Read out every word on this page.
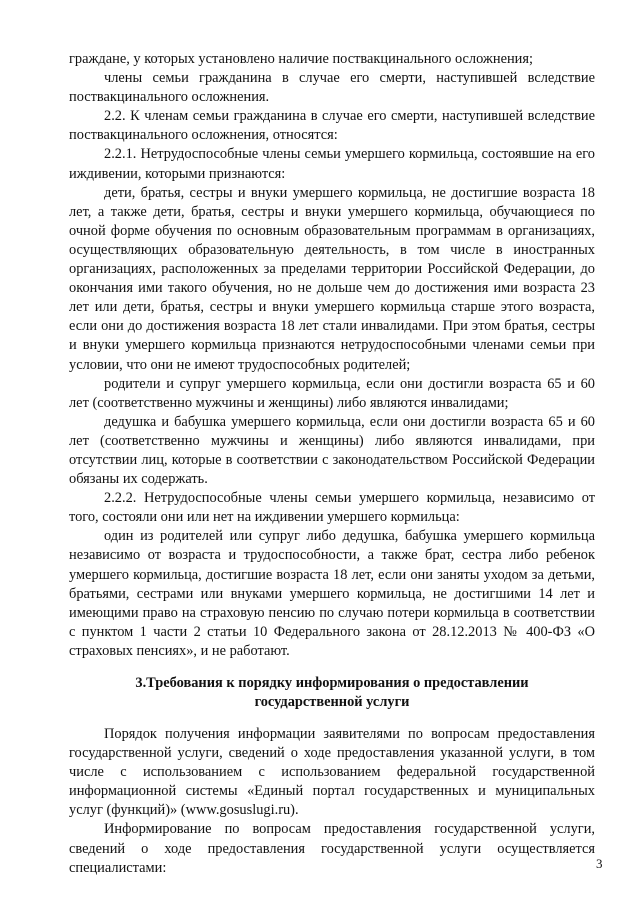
граждане, у которых установлено наличие поствакцинального осложнения;

члены семьи гражданина в случае его смерти, наступившей вследствие поствакцинального осложнения.

2.2. К членам семьи гражданина в случае его смерти, наступившей вследствие поствакцинального осложнения, относятся:

2.2.1. Нетрудоспособные члены семьи умершего кормильца, состоявшие на его иждивении, которыми признаются:

дети, братья, сестры и внуки умершего кормильца, не достигшие возраста 18 лет, а также дети, братья, сестры и внуки умершего кормильца, обучающиеся по очной форме обучения по основным образовательным программам в организациях, осуществляющих образовательную деятельность, в том числе в иностранных организациях, расположенных за пределами территории Российской Федерации, до окончания ими такого обучения, но не дольше чем до достижения ими возраста 23 лет или дети, братья, сестры и внуки умершего кормильца старше этого возраста, если они до достижения возраста 18 лет стали инвалидами. При этом братья, сестры и внуки умершего кормильца признаются нетрудоспособными членами семьи при условии, что они не имеют трудоспособных родителей;

родители и супруг умершего кормильца, если они достигли возраста 65 и 60 лет (соответственно мужчины и женщины) либо являются инвалидами;

дедушка и бабушка умершего кормильца, если они достигли возраста 65 и 60 лет (соответственно мужчины и женщины) либо являются инвалидами, при отсутствии лиц, которые в соответствии с законодательством Российской Федерации обязаны их содержать.

2.2.2. Нетрудоспособные члены семьи умершего кормильца, независимо от того, состояли они или нет на иждивении умершего кормильца:

один из родителей или супруг либо дедушка, бабушка умершего кормильца независимо от возраста и трудоспособности, а также брат, сестра либо ребенок умершего кормильца, достигшие возраста 18 лет, если они заняты уходом за детьми, братьями, сестрами или внуками умершего кормильца, не достигшими 14 лет и имеющими право на страховую пенсию по случаю потери кормильца в соответствии с пунктом 1 части 2 статьи 10 Федерального закона от 28.12.2013 № 400-ФЗ «О страховых пенсиях», и не работают.

3.Требования к порядку информирования о предоставлении
государственной услуги

Порядок получения информации заявителями по вопросам предоставления государственной услуги, сведений о ходе предоставления указанной услуги, в том числе с использованием с использованием федеральной государственной информационной системы «Единый портал государственных и муниципальных услуг (функций)» (www.gosuslugi.ru).

Информирование по вопросам предоставления государственной услуги, сведений о ходе предоставления государственной услуги осуществляется специалистами:	3
